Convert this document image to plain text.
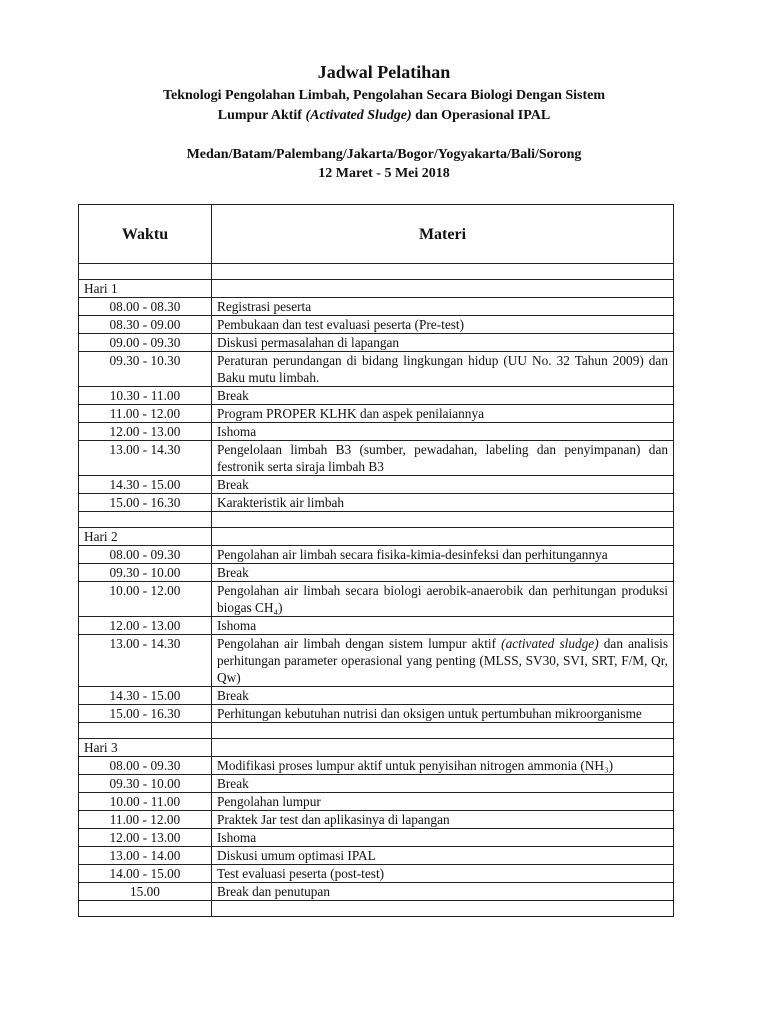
Jadwal Pelatihan
Teknologi Pengolahan Limbah, Pengolahan Secara Biologi Dengan Sistem
Lumpur Aktif (Activated Sludge) dan Operasional IPAL
Medan/Batam/Palembang/Jakarta/Bogor/Yogyakarta/Bali/Sorong
12 Maret - 5 Mei 2018
Waktu	Materi

Hari 1	
08.00 - 08.30	Registrasi peserta
08.30 - 09.00	Pembukaan dan test evaluasi peserta (Pre-test)
09.00 - 09.30	Diskusi permasalahan di lapangan
09.30 - 10.30	Peraturan perundangan di bidang lingkungan hidup (UU No. 32 Tahun 2009) dan Baku mutu limbah.
10.30 - 11.00	Break
11.00 - 12.00	Program PROPER KLHK dan aspek penilaiannya
12.00 - 13.00	Ishoma
13.00 - 14.30	Pengelolaan limbah B3 (sumber, pewadahan, labeling dan penyimpanan) dan festronik serta siraja limbah B3
14.30 - 15.00	Break
15.00 - 16.30	Karakteristik air limbah

Hari 2	
08.00 - 09.30	Pengolahan air limbah secara fisika-kimia-desinfeksi dan perhitungannya
09.30 - 10.00	Break
10.00 - 12.00	Pengolahan air limbah secara biologi aerobik-anaerobik dan perhitungan produksi biogas CH₄)
12.00 - 13.00	Ishoma
13.00 - 14.30	Pengolahan air limbah dengan sistem lumpur aktif (activated sludge) dan analisis perhitungan parameter operasional yang penting (MLSS, SV30, SVI, SRT, F/M, Qr, Qw)
14.30 - 15.00	Break
15.00 - 16.30	Perhitungan kebutuhan nutrisi dan oksigen untuk pertumbuhan mikroorganisme

Hari 3	
08.00 - 09.30	Modifikasi proses lumpur aktif untuk penyisihan nitrogen ammonia (NH₃)
09.30 - 10.00	Break
10.00 - 11.00	Pengolahan lumpur
11.00 - 12.00	Praktek Jar test dan aplikasinya di lapangan
12.00 - 13.00	Ishoma
13.00 - 14.00	Diskusi umum optimasi IPAL
14.00 - 15.00	Test evaluasi peserta (post-test)
15.00	Break dan penutupan
